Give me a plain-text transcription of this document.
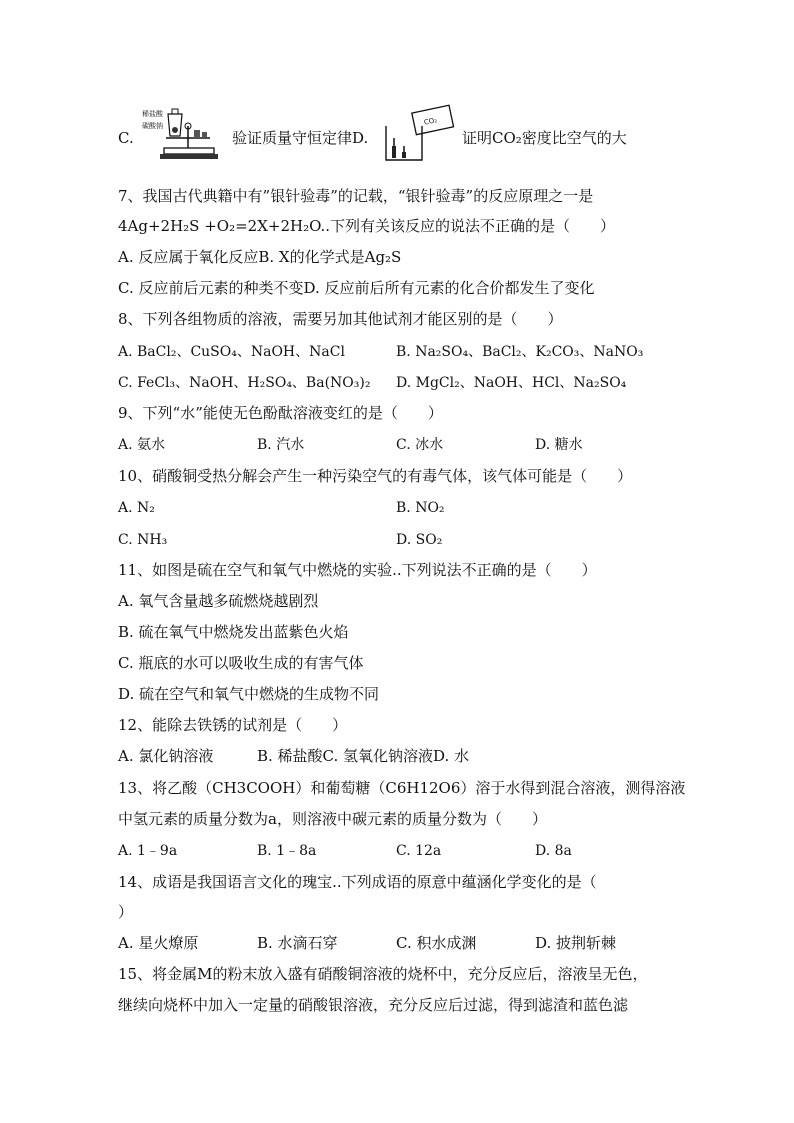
C.
稀盐酸
碳酸钠
验证质量守恒定律D.
CO₂
证明CO₂密度比空气的大
7、我国古代典籍中有”银针验毒”的记载，“银针验毒”的反应原理之一是
4Ag+2H₂S +O₂=2X+2H₂O..下列有关该反应的说法不正确的是（　　）
A. 反应属于氧化反应B. X的化学式是Ag₂S
C. 反应前后元素的种类不变D. 反应前后所有元素的化合价都发生了变化
8、下列各组物质的溶液，需要另加其他试剂才能区别的是（　　）
A. BaCl₂、CuSO₄、NaOH、NaCl	B. Na₂SO₄、BaCl₂、K₂CO₃、NaNO₃
C. FeCl₃、NaOH、H₂SO₄、Ba(NO₃)₂ D. MgCl₂、NaOH、HCl、Na₂SO₄
9、下列“水”能使无色酚酞溶液变红的是（　　）
A. 氨水	B. 汽水	C. 冰水	D. 糖水
10、硝酸铜受热分解会产生一种污染空气的有毒气体，该气体可能是（　　）
A. N₂	B. NO₂
C. NH₃	D. SO₂
11、如图是硫在空气和氧气中燃烧的实验..下列说法不正确的是（　　）
A. 氧气含量越多硫燃烧越剧烈
B. 硫在氧气中燃烧发出蓝紫色火焰
C. 瓶底的水可以吸收生成的有害气体
D. 硫在空气和氧气中燃烧的生成物不同
12、能除去铁锈的试剂是（　　）
A. 氯化钠溶液	B. 稀盐酸C. 氢氧化钠溶液D. 水
13、将乙酸（CH3COOH）和葡萄糖（C6H12O6）溶于水得到混合溶液，测得溶液
中氢元素的质量分数为a，则溶液中碳元素的质量分数为（　　）
A. 1﹣9a	B. 1﹣8a	C. 12a	D. 8a
14、成语是我国语言文化的瑰宝..下列成语的原意中蕴涵化学变化的是（
）
A. 星火燎原	B. 水滴石穿	C. 积水成渊	D. 披荆斩棘
15、将金属M的粉末放入盛有硝酸铜溶液的烧杯中，充分反应后，溶液呈无色，
继续向烧杯中加入一定量的硝酸银溶液，充分反应后过滤，得到滤渣和蓝色滤
